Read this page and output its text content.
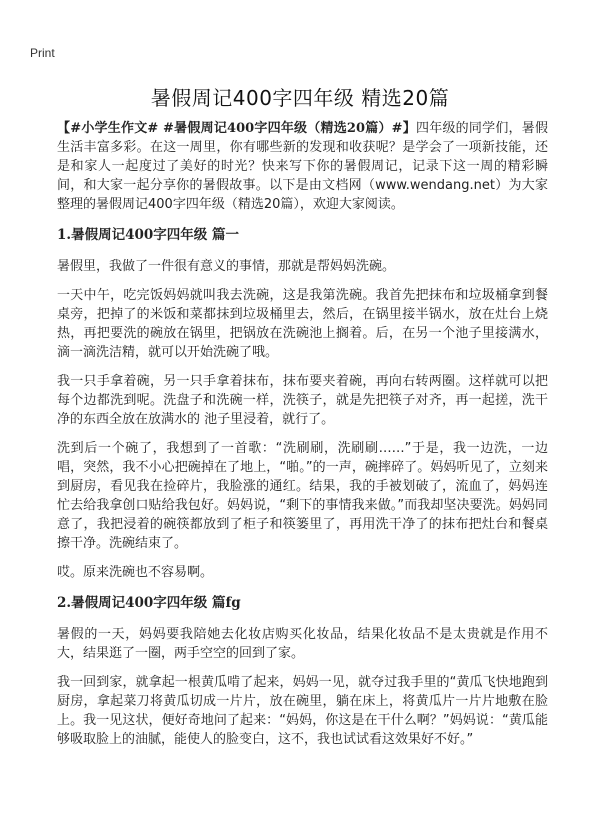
Print
暑假周记400字四年级 精选20篇

【#小学生作文# #暑假周记400字四年级（精选20篇）#】四年级的同学们，暑假生活丰富多彩。在这一周里，你有哪些新的发现和收获呢？是学会了一项新技能，还是和家人一起度过了美好的时光？快来写下你的暑假周记，记录下这一周的精彩瞬间，和大家一起分享你的暑假故事。以下是由文档网（www.wendang.net）为大家整理的暑假周记400字四年级（精选20篇），欢迎大家阅读。

1.暑假周记400字四年级 篇一

暑假里，我做了一件很有意义的事情，那就是帮妈妈洗碗。

一天中午，吃完饭妈妈就叫我去洗碗，这是我第洗碗。我首先把抹布和垃圾桶拿到餐桌旁，把掉了的米饭和菜都抹到垃圾桶里去，然后，在锅里接半锅水，放在灶台上烧热，再把要洗的碗放在锅里，把锅放在洗碗池上搁着。后，在另一个池子里接满水，滴一滴洗洁精，就可以开始洗碗了哦。

我一只手拿着碗，另一只手拿着抹布，抹布要夹着碗，再向右转两圈。这样就可以把每个边都洗到呢。洗盘子和洗碗一样，洗筷子，就是先把筷子对齐，再一起搓，洗干净的东西全放在放满水的 池子里浸着，就行了。

洗到后一个碗了，我想到了一首歌：“洗刷刷，洗刷刷……”于是，我一边洗，一边唱，突然，我不小心把碗掉在了地上，“啪。”的一声，碗摔碎了。妈妈听见了，立刻来到厨房，看见我在捡碎片，我脸涨的通红。结果，我的手被划破了，流血了，妈妈连忙去给我拿创口贴给我包好。妈妈说，“剩下的事情我来做。”而我却坚决要洗。妈妈同意了，我把浸着的碗筷都放到了柜子和筷篓里了，再用洗干净了的抹布把灶台和餐桌擦干净。洗碗结束了。

哎。原来洗碗也不容易啊。

2.暑假周记400字四年级 篇fg

暑假的一天，妈妈要我陪她去化妆店购买化妆品，结果化妆品不是太贵就是作用不大，结果逛了一圈，两手空空的回到了家。

我一回到家，就拿起一根黄瓜啃了起来，妈妈一见，就夺过我手里的“黄瓜飞快地跑到厨房，拿起菜刀将黄瓜切成一片片，放在碗里，躺在床上，将黄瓜片一片片地敷在脸上。我一见这状，便好奇地问了起来：“妈妈，你这是在干什么啊？”妈妈说：“黄瓜能够吸取脸上的油腻，能使人的脸变白，这不，我也试试看这效果好不好。”
